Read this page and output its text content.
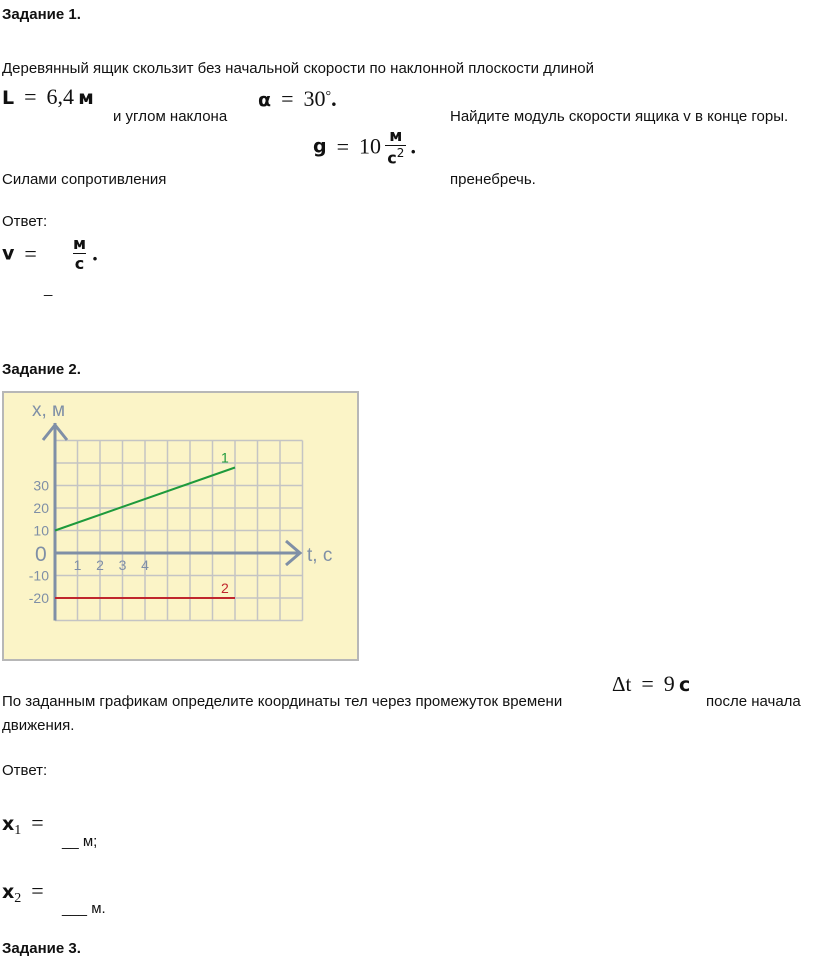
Задание 1.
Деревянный ящик скользит без начальной скорости по наклонной плоскости длиной
L = 6,4 м
и углом наклона
α = 30°.
Найдите модуль скорости ящика v в конце горы.
$g = 10 \frac{м}{с^2}$ .
Силами сопротивления	пренебречь.
Ответ:
$v = \frac{м}{с}$ .
_
Задание 2.
x, м
t, c
0 1 2 3 4
30
20
10
-10
-20
1
2
По заданным графикам определите координаты тел через промежуток времени
Δt = 9 с
после начала
движения.
Ответ:
$x_1$ =
__ м;
$x_2$ =
___ м.
Задание 3.
